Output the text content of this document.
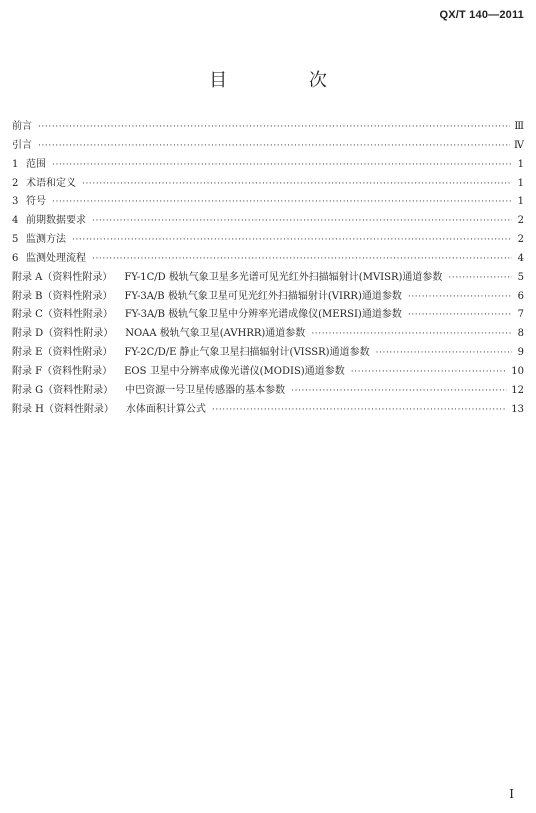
QX/T 140—2011
目 次
前言 ·····	Ⅲ
引言 ·····	Ⅳ
1 范围 ·····	1
2 术语和定义 ·····	1
3 符号 ·····	1
4 前期数据要求 ·····	2
5 监测方法 ·····	2
6 监测处理流程 ·····	4
附录 A（资料性附录） FY-1C/D 极轨气象卫星多光谱可见光红外扫描辐射计(MVISR)通道参数 ·····	5
附录 B（资料性附录） FY-3A/B 极轨气象卫星可见光红外扫描辐射计(VIRR)通道参数 ·····	6
附录 C（资料性附录） FY-3A/B 极轨气象卫星中分辨率光谱成像仪(MERSI)通道参数 ·····	7
附录 D（资料性附录） NOAA 极轨气象卫星(AVHRR)通道参数 ·····	8
附录 E（资料性附录） FY-2C/D/E 静止气象卫星扫描辐射计(VISSR)通道参数 ·····	9
附录 F（资料性附录） EOS 卫星中分辨率成像光谱仪(MODIS)通道参数 ·····	10
附录 G（资料性附录） 中巴资源一号卫星传感器的基本参数 ·····	12
附录 H（资料性附录） 水体面积计算公式 ·····	13
I
